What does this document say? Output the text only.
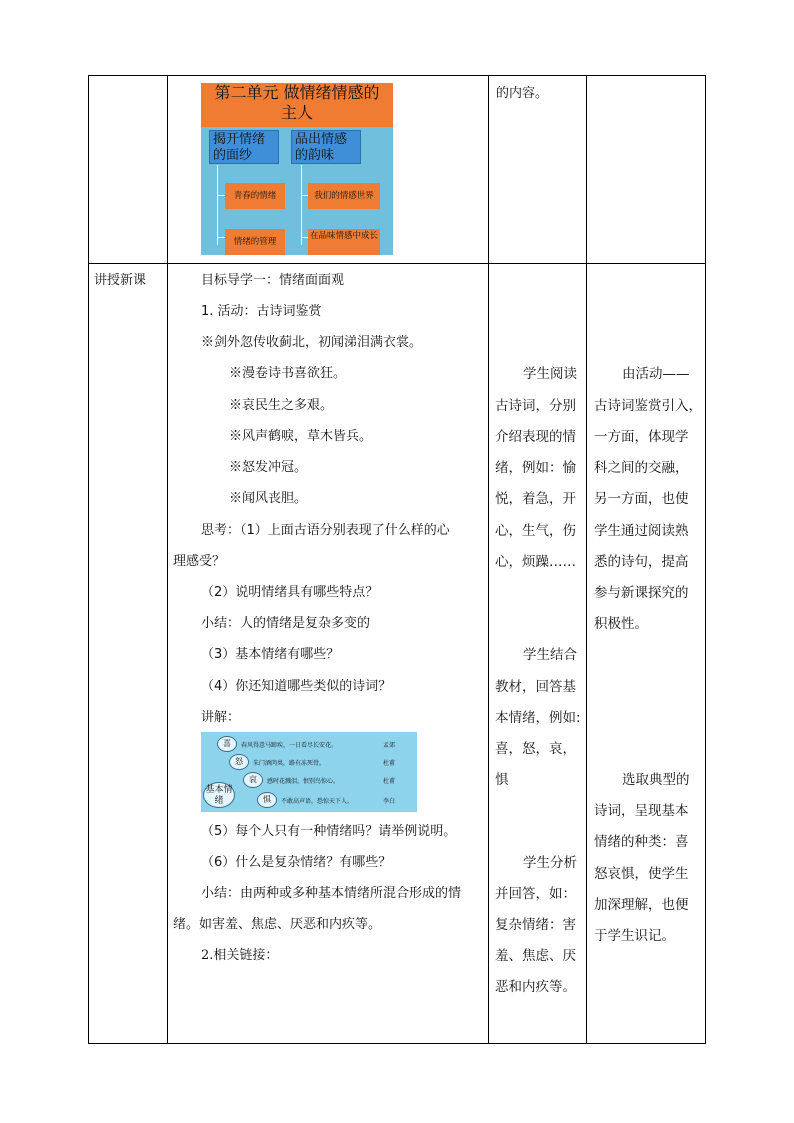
第二单元 做情绪情感的
主人
揭开情绪
的面纱
品出情感
的韵味
青春的情绪
情绪的管理
我们的情感世界
在品味情感中成长
的内容。
讲授新课	目标导学一：情绪面面观
1. 活动：古诗词鉴赏
※剑外忽传收蓟北，初闻涕泪满衣裳。
※漫卷诗书喜欲狂。
※哀民生之多艰。
※风声鹤唳，草木皆兵。
※怒发冲冠。
※闻风丧胆。
思考：（1）上面古语分别表现了什么样的心
理感受？
（2）说明情绪具有哪些特点？
小结：人的情绪是复杂多变的
（3）基本情绪有哪些？
（4）你还知道哪些类似的诗词？
讲解：
（5）每个人只有一种情绪吗？请举例说明。
（6）什么是复杂情绪？有哪些？
小结：由两种或多种基本情绪所混合形成的情
绪。如害羞、焦虑、厌恶和内疚等。
2.相关链接：
喜
怒
哀
惧
基本情绪
春风得意马蹄疾，一日看尽长安花。
朱门酒肉臭，路有冻死骨。
感时花溅泪，恨别鸟惊心。
不敢高声语，恐惊天下人。
孟郊
杜甫
杜甫
李白
学生阅读
古诗词，分别
介绍表现的情
绪，例如：愉
悦，着急，开
心，生气，伤
心，烦躁……
学生结合
教材，回答基
本情绪，例如:
喜，怒，哀，
惧
学生分析
并回答，如：
复杂情绪：害
羞、焦虑、厌
恶和内疚等。
由活动——
古诗词鉴赏引入，
一方面，体现学
科之间的交融，
另一方面，也使
学生通过阅读熟
悉的诗句，提高
参与新课探究的
积极性。
选取典型的
诗词，呈现基本
情绪的种类：喜
怒哀惧，使学生
加深理解，也便
于学生识记。
